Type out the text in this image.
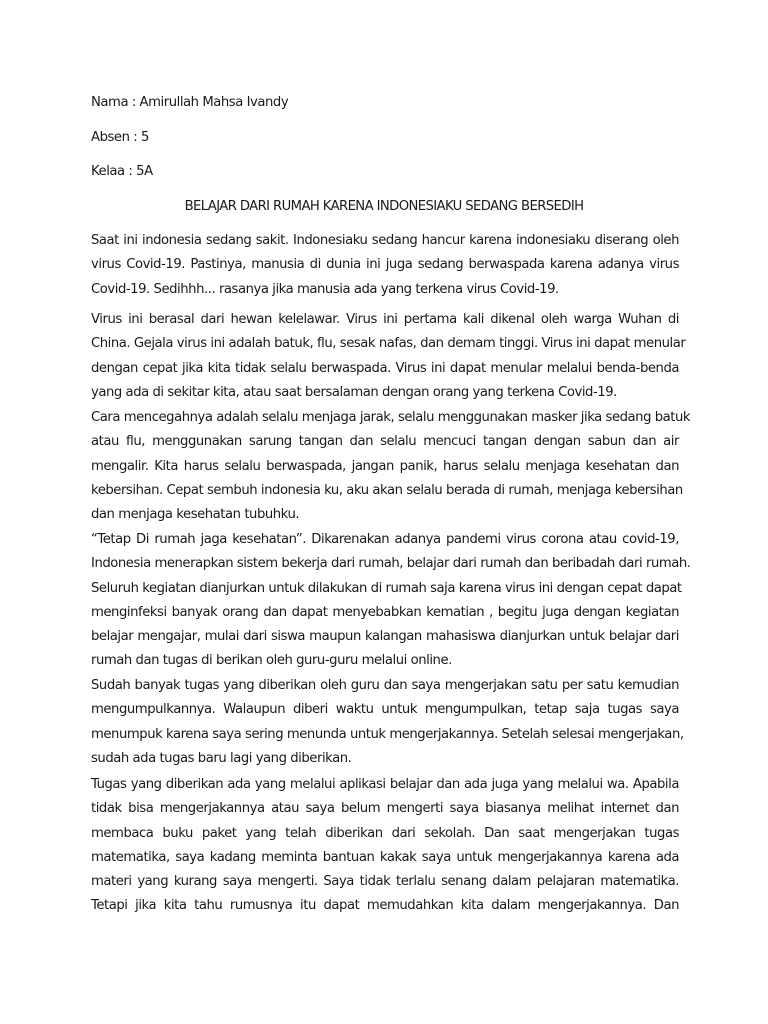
Nama : Amirullah Mahsa Ivandy
Absen : 5
Kelaa : 5A
BELAJAR DARI RUMAH KARENA INDONESIAKU SEDANG BERSEDIH

Saat ini indonesia sedang sakit. Indonesiaku sedang hancur karena indonesiaku diserang oleh
virus Covid-19. Pastinya, manusia di dunia ini juga sedang berwaspada karena adanya virus
Covid-19. Sedihhh... rasanya jika manusia ada yang terkena virus Covid-19.

Virus ini berasal dari hewan kelelawar. Virus ini pertama kali dikenal oleh warga Wuhan di
China. Gejala virus ini adalah batuk, flu, sesak nafas, dan demam tinggi. Virus ini dapat menular
dengan cepat jika kita tidak selalu berwaspada. Virus ini dapat menular melalui benda-benda
yang ada di sekitar kita, atau saat bersalaman dengan orang yang terkena Covid-19.

Cara mencegahnya adalah selalu menjaga jarak, selalu menggunakan masker jika sedang batuk
atau flu, menggunakan sarung tangan dan selalu mencuci tangan dengan sabun dan air
mengalir. Kita harus selalu berwaspada, jangan panik, harus selalu menjaga kesehatan dan
kebersihan. Cepat sembuh indonesia ku, aku akan selalu berada di rumah, menjaga kebersihan
dan menjaga kesehatan tubuhku.

“Tetap Di rumah jaga kesehatan”. Dikarenakan adanya pandemi virus corona atau covid-19,
Indonesia menerapkan sistem bekerja dari rumah, belajar dari rumah dan beribadah dari rumah.
Seluruh kegiatan dianjurkan untuk dilakukan di rumah saja karena virus ini dengan cepat dapat
menginfeksi banyak orang dan dapat menyebabkan kematian , begitu juga dengan kegiatan
belajar mengajar, mulai dari siswa maupun kalangan mahasiswa dianjurkan untuk belajar dari
rumah dan tugas di berikan oleh guru-guru melalui online.

Sudah banyak tugas yang diberikan oleh guru dan saya mengerjakan satu per satu kemudian
mengumpulkannya. Walaupun diberi waktu untuk mengumpulkan, tetap saja tugas saya
menumpuk karena saya sering menunda untuk mengerjakannya. Setelah selesai mengerjakan,
sudah ada tugas baru lagi yang diberikan.

Tugas yang diberikan ada yang melalui aplikasi belajar dan ada juga yang melalui wa. Apabila
tidak bisa mengerjakannya atau saya belum mengerti saya biasanya melihat internet dan
membaca buku paket yang telah diberikan dari sekolah. Dan saat mengerjakan tugas
matematika, saya kadang meminta bantuan kakak saya untuk mengerjakannya karena ada
materi yang kurang saya mengerti. Saya tidak terlalu senang dalam pelajaran matematika.
Tetapi jika kita tahu rumusnya itu dapat memudahkan kita dalam mengerjakannya. Dan
